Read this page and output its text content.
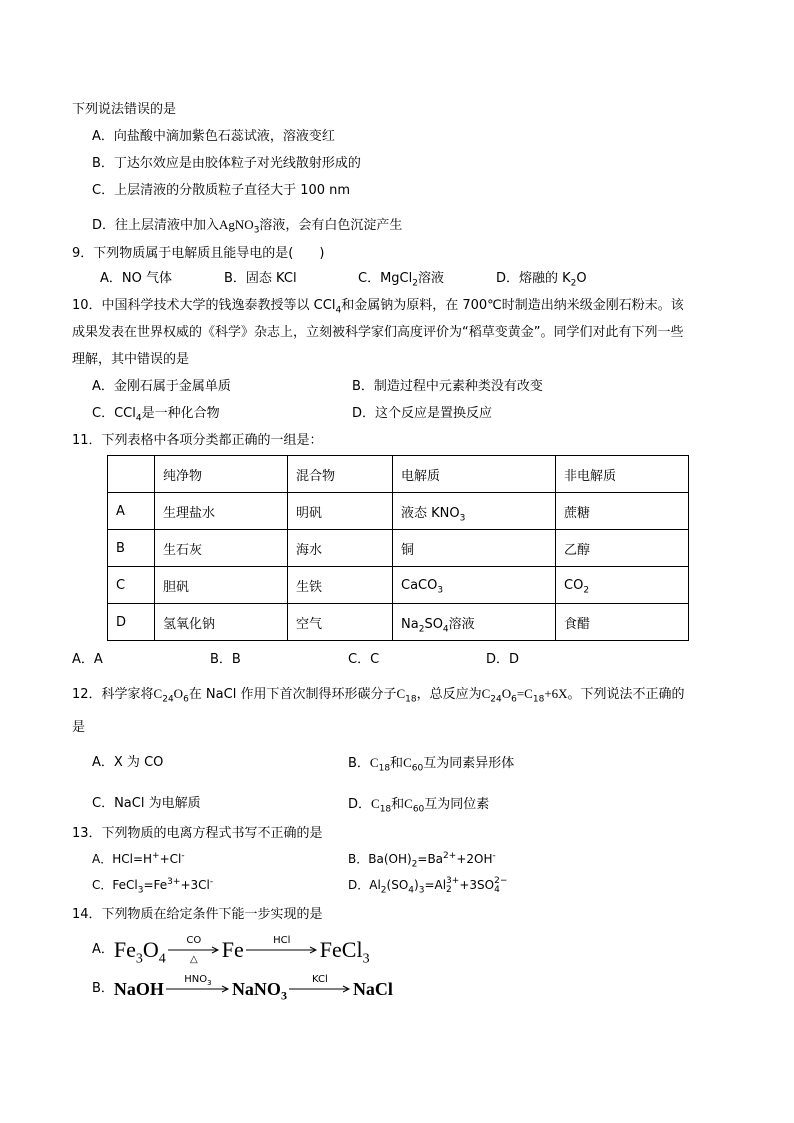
下列说法错误的是
A．向盐酸中滴加紫色石蕊试液，溶液变红
B．丁达尔效应是由胶体粒子对光线散射形成的
C．上层清液的分散质粒子直径大于 100 nm
D．往上层清液中加入AgNO$_3$溶液，会有白色沉淀产生
9．下列物质属于电解质且能导电的是(　　)
A．NO 气体	B．固态 KCl	C．MgCl$_2$溶液	D．熔融的 $K_2O$
10．中国科学技术大学的钱逸泰教授等以 CCl$_4$和金属钠为原料，在 700℃时制造出纳米级金刚石粉末。该
成果发表在世界权威的《科学》杂志上，立刻被科学家们高度评价为“稻草变黄金”。同学们对此有下列一些
理解，其中错误的是
A．金刚石属于金属单质	B．制造过程中元素种类没有改变
C．CCl$_4$是一种化合物	D．这个反应是置换反应
11．下列表格中各项分类都正确的一组是：
	纯净物	混合物	电解质	非电解质
A	生理盐水	明矾	液态 $KNO_3$	蔗糖
B	生石灰	海水	铜	乙醇
C	胆矾	生铁	CaCO$_3$	$CO_2$
D	氢氧化钠	空气	$Na_2SO_4$溶液	食醋
A．A	B．B	C．C	D．D
12．科学家将$C_{24}O_6$在 NaCl 作用下首次制得环形碳分子$C_{18}$，总反应为$C_{24}O_6=C_{18}+6X$。下列说法不正确的
是
A．X 为 CO	B．$C_{18}$和$C_{60}$互为同素异形体
C．NaCl 为电解质	D．$C_{18}$和$C_{60}$互为同位素
13．下列物质的电离方程式书写不正确的是
A．HCl=H++Cl-	B．$Ba(OH)_2=Ba^{2+}+2OH^-$
C．$FeCl_3=Fe^{3+}+3Cl^-$	D．$Al_2(SO_4)_3=Al$ 3+
2 +3SO 2−
4
14．下列物质在给定条件下能一步实现的是
A．$Fe_3O_4$
CO
△	Fe	HCl	FeCl$_3$
B．NaOH	$HNO_3$	NaNO$_3$
KCl	NaCl
